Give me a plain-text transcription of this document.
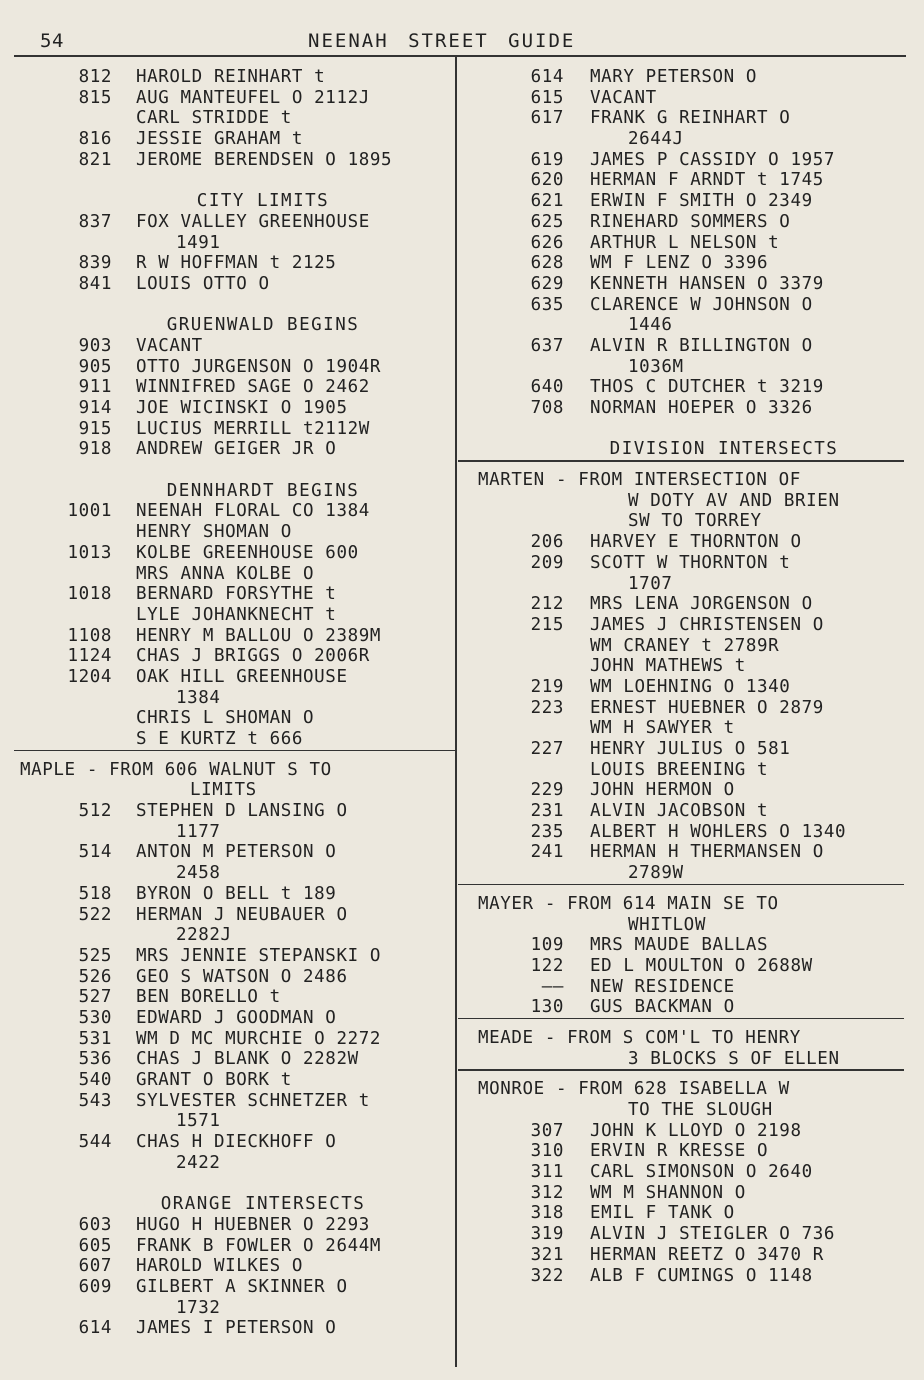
54	NEENAH STREET GUIDE
812 HAROLD REINHART t
815 AUG MANTEUFEL O 2112J
CARL STRIDDE t
816 JESSIE GRAHAM t
821 JEROME BERENDSEN O 1895
CITY LIMITS
837 FOX VALLEY GREENHOUSE
1491
839 R W HOFFMAN t 2125
841 LOUIS OTTO O
GRUENWALD BEGINS
903 VACANT
905 OTTO JURGENSON O 1904R
911 WINNIFRED SAGE O 2462
914 JOE WICINSKI O 1905
915 LUCIUS MERRILL t2112W
918 ANDREW GEIGER JR O
DENNHARDT BEGINS
1001 NEENAH FLORAL CO 1384
HENRY SHOMAN O
1013 KOLBE GREENHOUSE 600
MRS ANNA KOLBE O
1018 BERNARD FORSYTHE t
LYLE JOHANKNECHT t
1108 HENRY M BALLOU O 2389M
1124 CHAS J BRIGGS O 2006R
1204 OAK HILL GREENHOUSE
1384
CHRIS L SHOMAN O
S E KURTZ t 666
MAPLE - FROM 606 WALNUT S TO
LIMITS
512 STEPHEN D LANSING O
1177
514 ANTON M PETERSON O
2458
518 BYRON O BELL t 189
522 HERMAN J NEUBAUER O
2282J
525 MRS JENNIE STEPANSKI O
526 GEO S WATSON O 2486
527 BEN BORELLO t
530 EDWARD J GOODMAN O
531 WM D MC MURCHIE O 2272
536 CHAS J BLANK O 2282W
540 GRANT O BORK t
543 SYLVESTER SCHNETZER t
1571
544 CHAS H DIECKHOFF O
2422
ORANGE INTERSECTS
603 HUGO H HUEBNER O 2293
605 FRANK B FOWLER O 2644M
607 HAROLD WILKES O
609 GILBERT A SKINNER O
1732
614 JAMES I PETERSON O
614 MARY PETERSON O
615 VACANT
617 FRANK G REINHART O
2644J
619 JAMES P CASSIDY O 1957
620 HERMAN F ARNDT t 1745
621 ERWIN F SMITH O 2349
625 RINEHARD SOMMERS O
626 ARTHUR L NELSON t
628 WM F LENZ O 3396
629 KENNETH HANSEN O 3379
635 CLARENCE W JOHNSON O
1446
637 ALVIN R BILLINGTON O
1036M
640 THOS C DUTCHER t 3219
708 NORMAN HOEPER O 3326
DIVISION INTERSECTS
MARTEN - FROM INTERSECTION OF
W DOTY AV AND BRIEN
SW TO TORREY
206 HARVEY E THORNTON O
209 SCOTT W THORNTON t
1707
212 MRS LENA JORGENSON O
215 JAMES J CHRISTENSEN O
WM CRANEY t 2789R
JOHN MATHEWS t
219 WM LOEHNING O 1340
223 ERNEST HUEBNER O 2879
WM H SAWYER t
227 HENRY JULIUS O 581
LOUIS BREENING t
229 JOHN HERMON O
231 ALVIN JACOBSON t
235 ALBERT H WOHLERS O 1340
241 HERMAN H THERMANSEN O
2789W
MAYER - FROM 614 MAIN SE TO
WHITLOW
109 MRS MAUDE BALLAS
122 ED L MOULTON O 2688W
—— NEW RESIDENCE
130 GUS BACKMAN O
MEADE - FROM S COM'L TO HENRY
3 BLOCKS S OF ELLEN
MONROE - FROM 628 ISABELLA W
TO THE SLOUGH
307 JOHN K LLOYD O 2198
310 ERVIN R KRESSE O
311 CARL SIMONSON O 2640
312 WM M SHANNON O
318 EMIL F TANK O
319 ALVIN J STEIGLER O 736
321 HERMAN REETZ O 3470 R
322 ALB F CUMINGS O 1148
